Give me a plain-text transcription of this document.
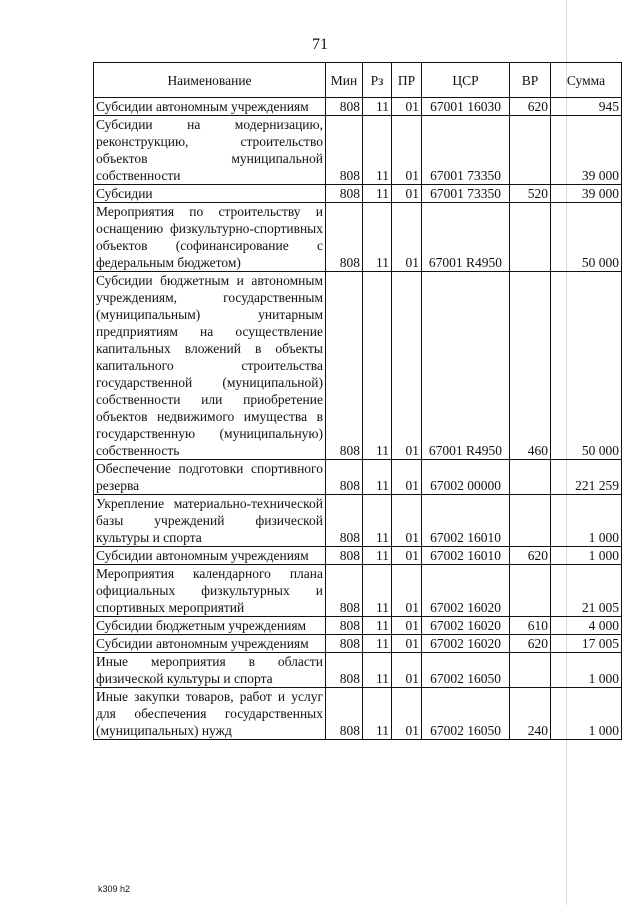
71
Наименование	Мин	Рз	ПР	ЦСР	ВР	Сумма
Субсидии автономным учреждениям	808	11	01	67001 16030	620	945
Субсидии на модернизацию, реконструкцию, строительство объектов муниципальной собственности	808	11	01	67001 73350		39 000
Субсидии	808	11	01	67001 73350	520	39 000
Мероприятия по строительству и оснащению физкультурно-спортивных объектов (софинансирование с федеральным бюджетом)	808	11	01	67001 R4950		50 000
Субсидии бюджетным и автономным учреждениям, государственным (муниципальным) унитарным предприятиям на осуществление капитальных вложений в объекты капитального строительства государственной (муниципальной) собственности или приобретение объектов недвижимого имущества в государственную (муниципальную) собственность	808	11	01	67001 R4950	460	50 000
Обеспечение подготовки спортивного резерва	808	11	01	67002 00000		221 259
Укрепление материально-технической базы учреждений физической культуры и спорта	808	11	01	67002 16010		1 000
Субсидии автономным учреждениям	808	11	01	67002 16010	620	1 000
Мероприятия календарного плана официальных физкультурных и спортивных мероприятий	808	11	01	67002 16020		21 005
Субсидии бюджетным учреждениям	808	11	01	67002 16020	610	4 000
Субсидии автономным учреждениям	808	11	01	67002 16020	620	17 005
Иные мероприятия в области физической культуры и спорта	808	11	01	67002 16050		1 000
Иные закупки товаров, работ и услуг для обеспечения государственных (муниципальных) нужд	808	11	01	67002 16050	240	1 000
k309 h2
